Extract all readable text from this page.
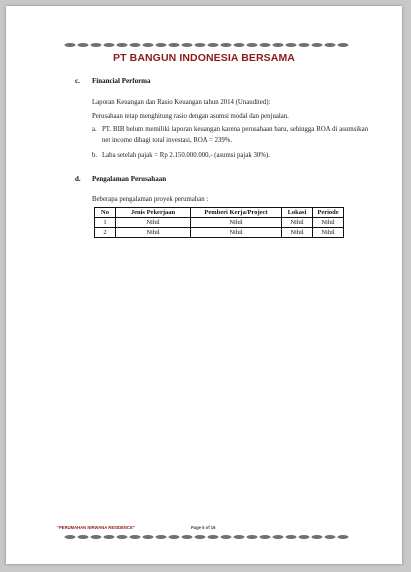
PT BANGUN INDONESIA BERSAMA
c. Financial Performa
Laporan Keuangan dan Rasio Keuangan tahun 2014 (Unaudited):
Perusahaan tetap menghitung rasio dengan asumsi modal dan penjualan.
a. PT. BIB belum memiliki laporan keuangan karena perusahaan baru, sehingga ROA di asumsikan net income dibagi total investasi, ROA = 239%.
b. Laba setelah pajak = Rp 2.150.000.000,- (asumsi pajak 30%).
d. Pengalaman Perusahaan
Beberapa pengalaman proyek perumahan :
No	Jenis Pekerjaan	Pemberi Kerja/Project	Lokasi	Periode
1	Nihil	Nihil	Nihil	Nihil
2	Nihil	Nihil	Nihil	Nihil
"PERUMAHAN NIRWANA RESIDENCE"	Page 5 of 16
